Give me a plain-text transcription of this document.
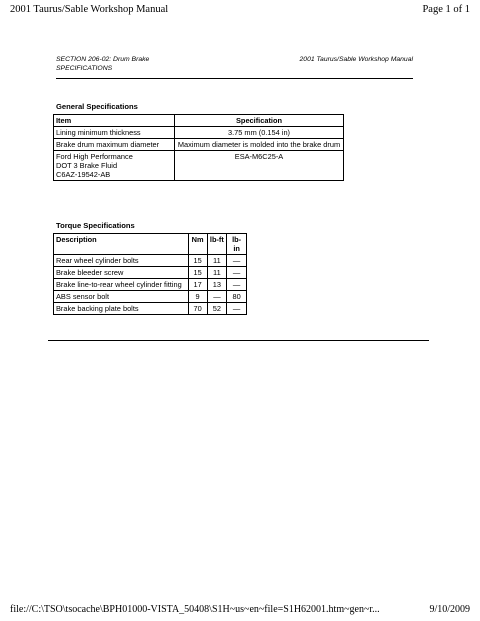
2001 Taurus/Sable Workshop Manual	Page 1 of 1
SECTION 206-02: Drum Brake	2001 Taurus/Sable Workshop Manual
SPECIFICATIONS
General Specifications
Item	Specification
Lining minimum thickness	3.75 mm (0.154 in)
Brake drum maximum diameter	Maximum diameter is molded into the brake drum
Ford High Performance
DOT 3 Brake Fluid
C6AZ-19542-AB	ESA-M6C25-A
Torque Specifications
Description	Nm	lb-ft	lb-in
Rear wheel cylinder bolts	15	11	—
Brake bleeder screw	15	11	—
Brake line-to-rear wheel cylinder fitting	17	13	—
ABS sensor bolt	9	—	80
Brake backing plate bolts	70	52	—
file://C:\TSO\tsocache\BPH01000-VISTA_50408\S1H~us~en~file=S1H62001.htm~gen~r...	9/10/2009
